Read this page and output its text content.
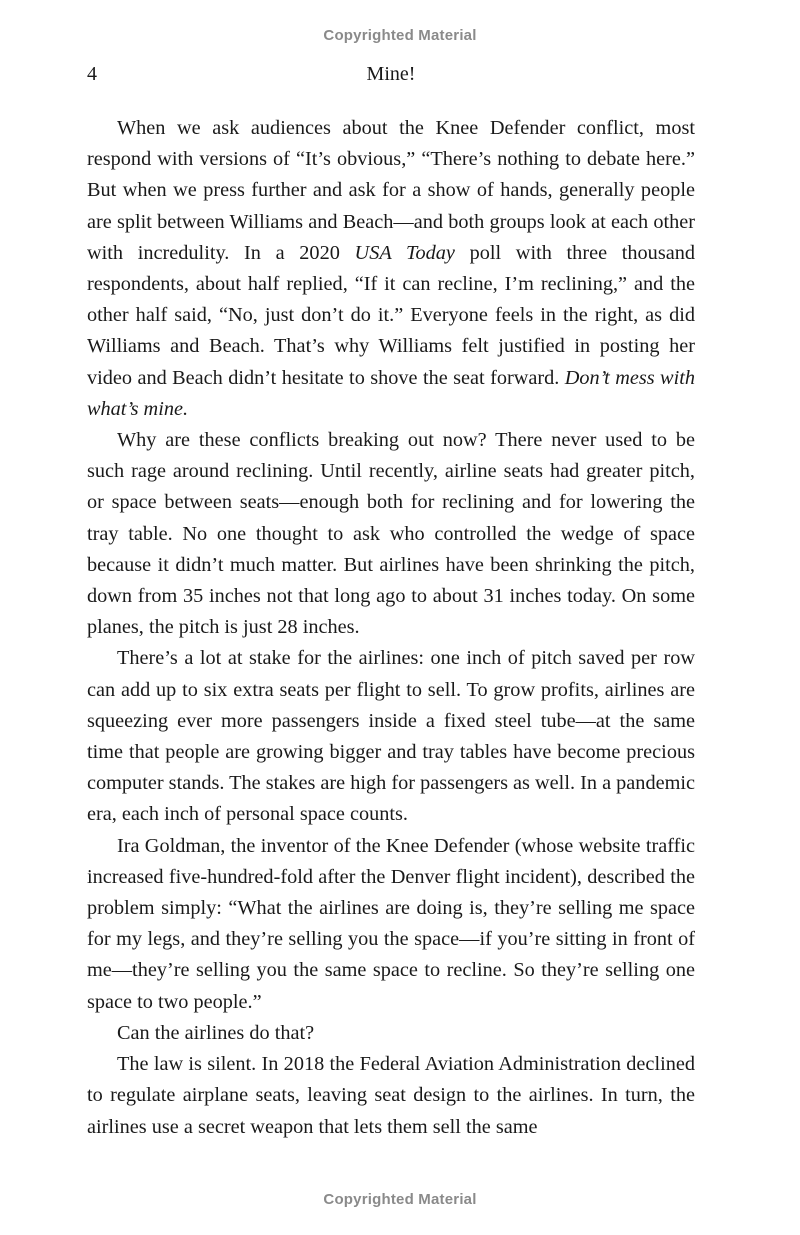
Copyrighted Material
4	Mine!

When we ask audiences about the Knee Defender conflict, most respond with versions of “It’s obvious,” “There’s nothing to debate here.” But when we press further and ask for a show of hands, generally people are split between Williams and Beach—and both groups look at each other with incredulity. In a 2020 USA Today poll with three thousand respondents, about half replied, “If it can recline, I’m reclining,” and the other half said, “No, just don’t do it.” Everyone feels in the right, as did Williams and Beach. That’s why Williams felt justified in posting her video and Beach didn’t hesitate to shove the seat forward. Don’t mess with what’s mine.

Why are these conflicts breaking out now? There never used to be such rage around reclining. Until recently, airline seats had greater pitch, or space between seats—enough both for reclining and for lowering the tray table. No one thought to ask who controlled the wedge of space because it didn’t much matter. But airlines have been shrinking the pitch, down from 35 inches not that long ago to about 31 inches today. On some planes, the pitch is just 28 inches.

There’s a lot at stake for the airlines: one inch of pitch saved per row can add up to six extra seats per flight to sell. To grow profits, airlines are squeezing ever more passengers inside a fixed steel tube—at the same time that people are growing bigger and tray tables have become precious computer stands. The stakes are high for passengers as well. In a pandemic era, each inch of personal space counts.

Ira Goldman, the inventor of the Knee Defender (whose website traffic increased five-hundred-fold after the Denver flight incident), described the problem simply: “What the airlines are doing is, they’re selling me space for my legs, and they’re selling you the space—if you’re sitting in front of me—they’re selling you the same space to recline. So they’re selling one space to two people.”

Can the airlines do that?

The law is silent. In 2018 the Federal Aviation Administration declined to regulate airplane seats, leaving seat design to the airlines. In turn, the airlines use a secret weapon that lets them sell the same

Copyrighted Material
